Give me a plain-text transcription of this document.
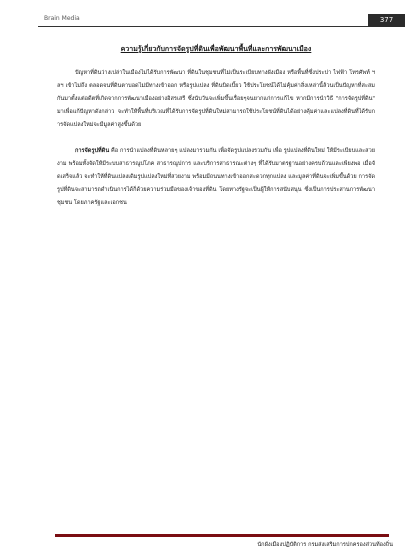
Brain Media	377
ความรู้เกี่ยวกับการจัดรูปที่ดินเพื่อพัฒนาพื้นที่และการพัฒนาเมือง

ปัญหาที่ดินว่างเปล่าในเมืองไม่ได้รับการพัฒนา ที่ดินในชุมชนที่ไม่เป็นระเบียบทางผังเมือง หรือพื้นที่ซึ่งประปา ไฟฟ้า โทรศัพท์ ฯลฯ เข้าไม่ถึง ตลอดจนที่ดินตาบอดไม่มีทางเข้าออก หรือรูปแปลง ที่ดินบิดเบี้ยว ใช้ประโยชน์ได้ไม่คุ้มค่าสิ่งเหล่านี้ล้วนเป็นปัญหาที่สะสมกันมาตั้งแต่อดีตที่เกิดจากการพัฒนาเมืองอย่างอิสรเสรี ซึ่งนับวันจะเพิ่มขึ้นเรื่อยๆจนยากแก่การแก้ไข หากมีการนำวิธี "การจัดรูปที่ดิน" มาเพื่อแก้ปัญหาดังกล่าว จะทำให้พื้นที่บริเวณที่ได้รับการจัดรูปที่ดินใหม่สามารถใช้ประโยชน์ที่ดินได้อย่างคุ้มค่าและแปลงที่ดินที่ได้รับการจัดแปลงใหม่จะมีมูลค่าสูงขึ้นด้วย

การจัดรูปที่ดิน คือ การนำแปลงที่ดินหลายๆ แปลงมารวมกัน เพื่อจัดรูปแปลงรวมกัน เพื่อ รูปแปลงที่ดินใหม่ ให้มีระเบียบและสวยงาม พร้อมทั้งจัดให้มีระบบสาธารณูปโภค สาธารณูปการ และบริการสาธารณะต่างๆ ที่ได้รับมาตรฐานอย่างครบถ้วนและเพียงพอ เมื่อจัดเสร็จแล้ว จะทำให้ที่ดินแปลงเดิมรูปแปลงใหม่ที่สวยงาม พร้อมมีถนนทางเข้าออกสะดวกทุกแปลง และมูลค่าที่ดินจะเพิ่มขึ้นด้วย การจัดรูปที่ดินจะสามารถดำเนินการได้ก็ด้วยความร่วมมือของเจ้าของที่ดิน โดยทางรัฐจะเป็นผู้ให้การสนับสนุน ซึ่งเป็นการประสานการพัฒนาชุมชน โดยภาครัฐและเอกชน

นักผังเมืองปฏิบัติการ กรมส่งเสริมการปกครองส่วนท้องถิ่น
